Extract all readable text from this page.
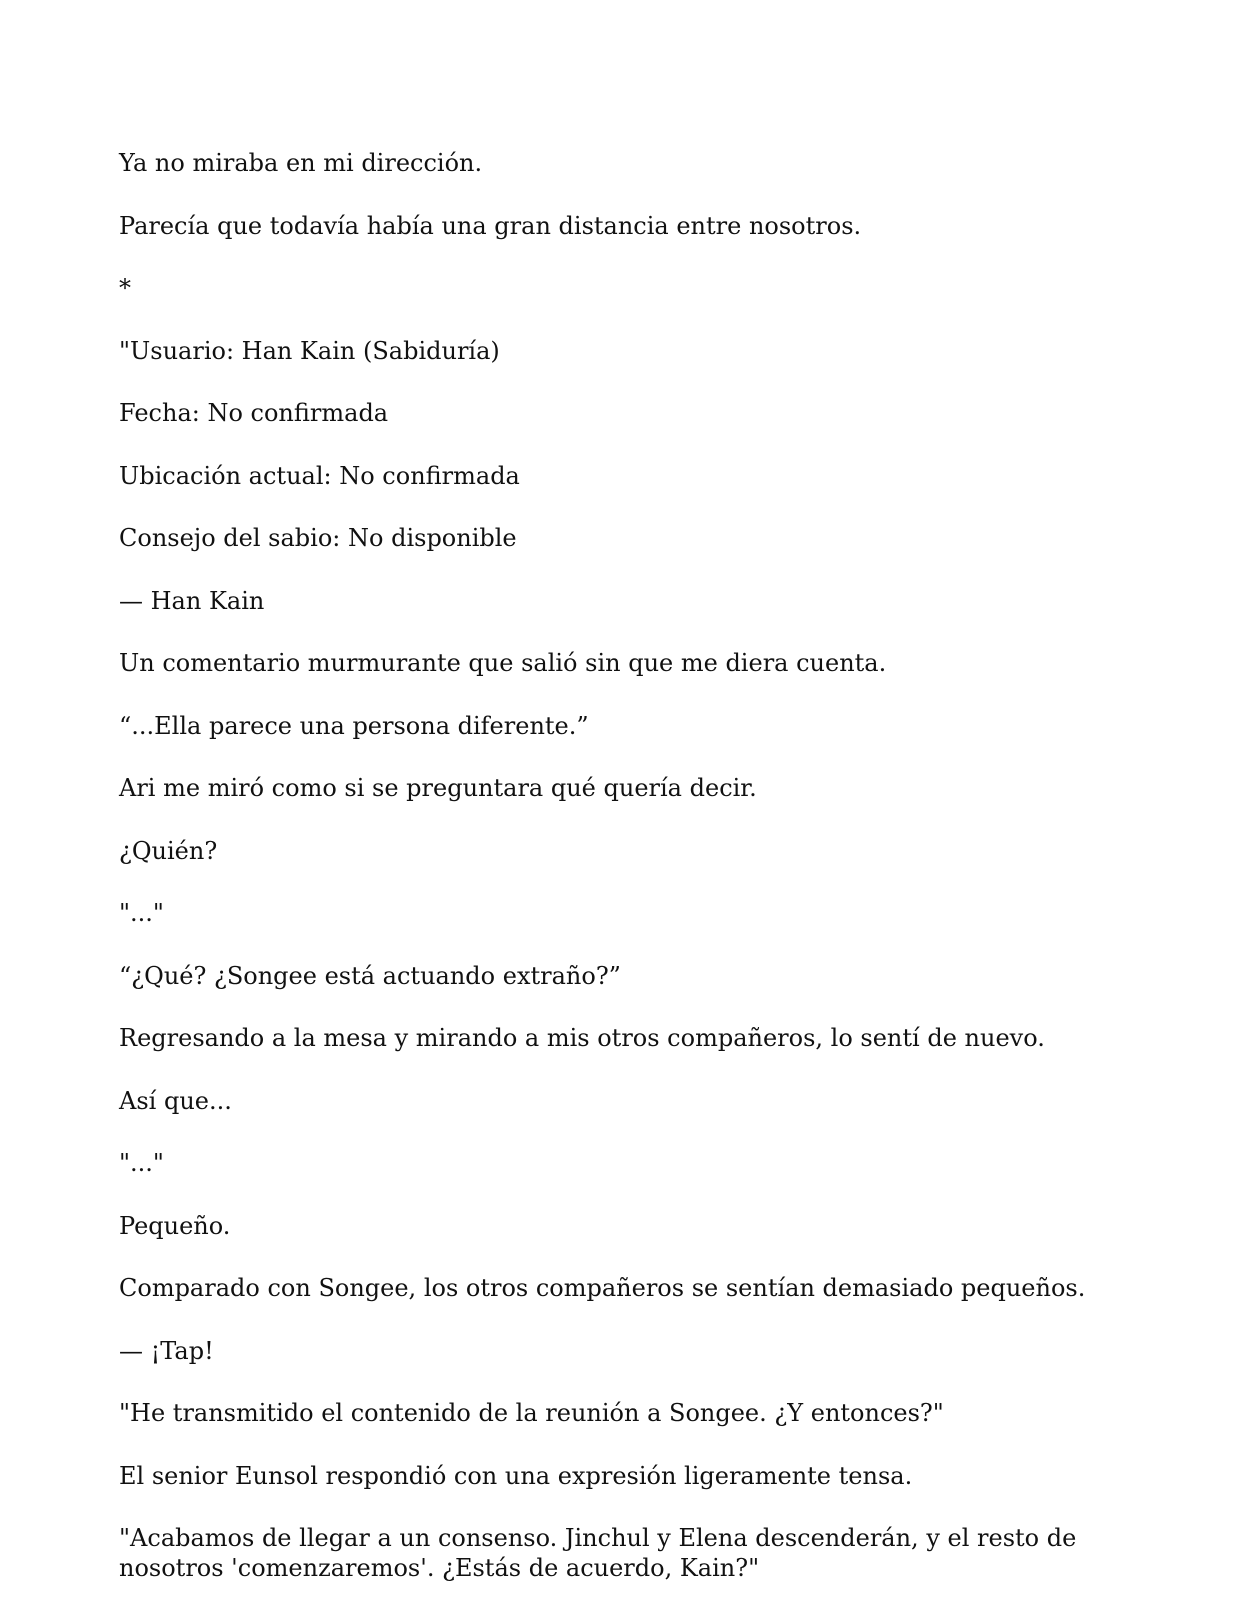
Ya no miraba en mi dirección.

Parecía que todavía había una gran distancia entre nosotros.

*

"Usuario: Han Kain (Sabiduría)

Fecha: No confirmada

Ubicación actual: No confirmada

Consejo del sabio: No disponible

— Han Kain

Un comentario murmurante que salió sin que me diera cuenta.

“...Ella parece una persona diferente.”

Ari me miró como si se preguntara qué quería decir.

¿Quién?

"..."

“¿Qué? ¿Songee está actuando extraño?”

Regresando a la mesa y mirando a mis otros compañeros, lo sentí de nuevo.

Así que...

"..."

Pequeño.

Comparado con Songee, los otros compañeros se sentían demasiado pequeños.

— ¡Tap!

"He transmitido el contenido de la reunión a Songee. ¿Y entonces?"

El senior Eunsol respondió con una expresión ligeramente tensa.

"Acabamos de llegar a un consenso. Jinchul y Elena descenderán, y el resto de nosotros 'comenzaremos'. ¿Estás de acuerdo, Kain?"
